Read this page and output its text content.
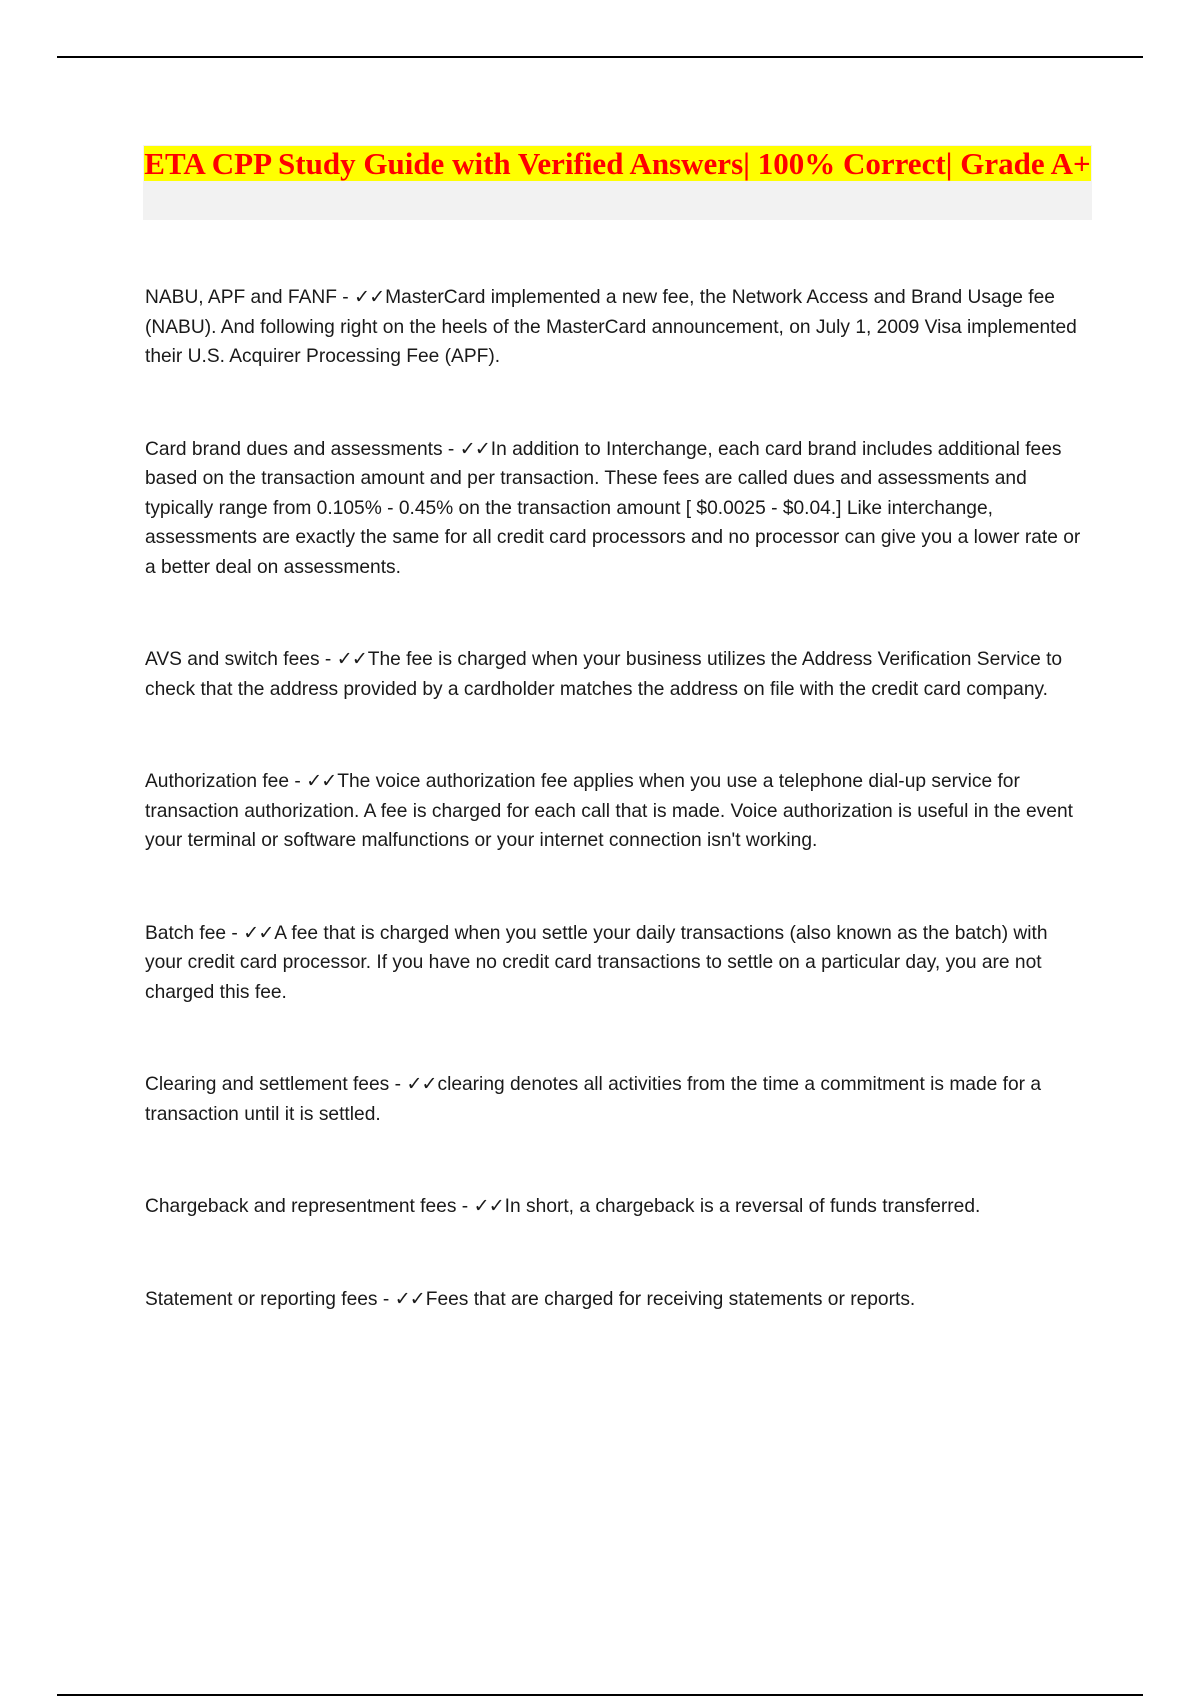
ETA CPP Study Guide with Verified Answers| 100% Correct| Grade A+

NABU, APF and FANF - ✓✓MasterCard implemented a new fee, the Network Access and Brand Usage fee (NABU). And following right on the heels of the MasterCard announcement, on July 1, 2009 Visa implemented their U.S. Acquirer Processing Fee (APF).

Card brand dues and assessments - ✓✓In addition to Interchange, each card brand includes additional fees based on the transaction amount and per transaction. These fees are called dues and assessments and typically range from 0.105% - 0.45% on the transaction amount [ $0.0025 - $0.04.] Like interchange, assessments are exactly the same for all credit card processors and no processor can give you a lower rate or a better deal on assessments.

AVS and switch fees - ✓✓The fee is charged when your business utilizes the Address Verification Service to check that the address provided by a cardholder matches the address on file with the credit card company.

Authorization fee - ✓✓The voice authorization fee applies when you use a telephone dial-up service for transaction authorization. A fee is charged for each call that is made. Voice authorization is useful in the event your terminal or software malfunctions or your internet connection isn't working.

Batch fee - ✓✓A fee that is charged when you settle your daily transactions (also known as the batch) with your credit card processor. If you have no credit card transactions to settle on a particular day, you are not charged this fee.

Clearing and settlement fees - ✓✓clearing denotes all activities from the time a commitment is made for a transaction until it is settled.

Chargeback and representment fees - ✓✓In short, a chargeback is a reversal of funds transferred.

Statement or reporting fees - ✓✓Fees that are charged for receiving statements or reports.
